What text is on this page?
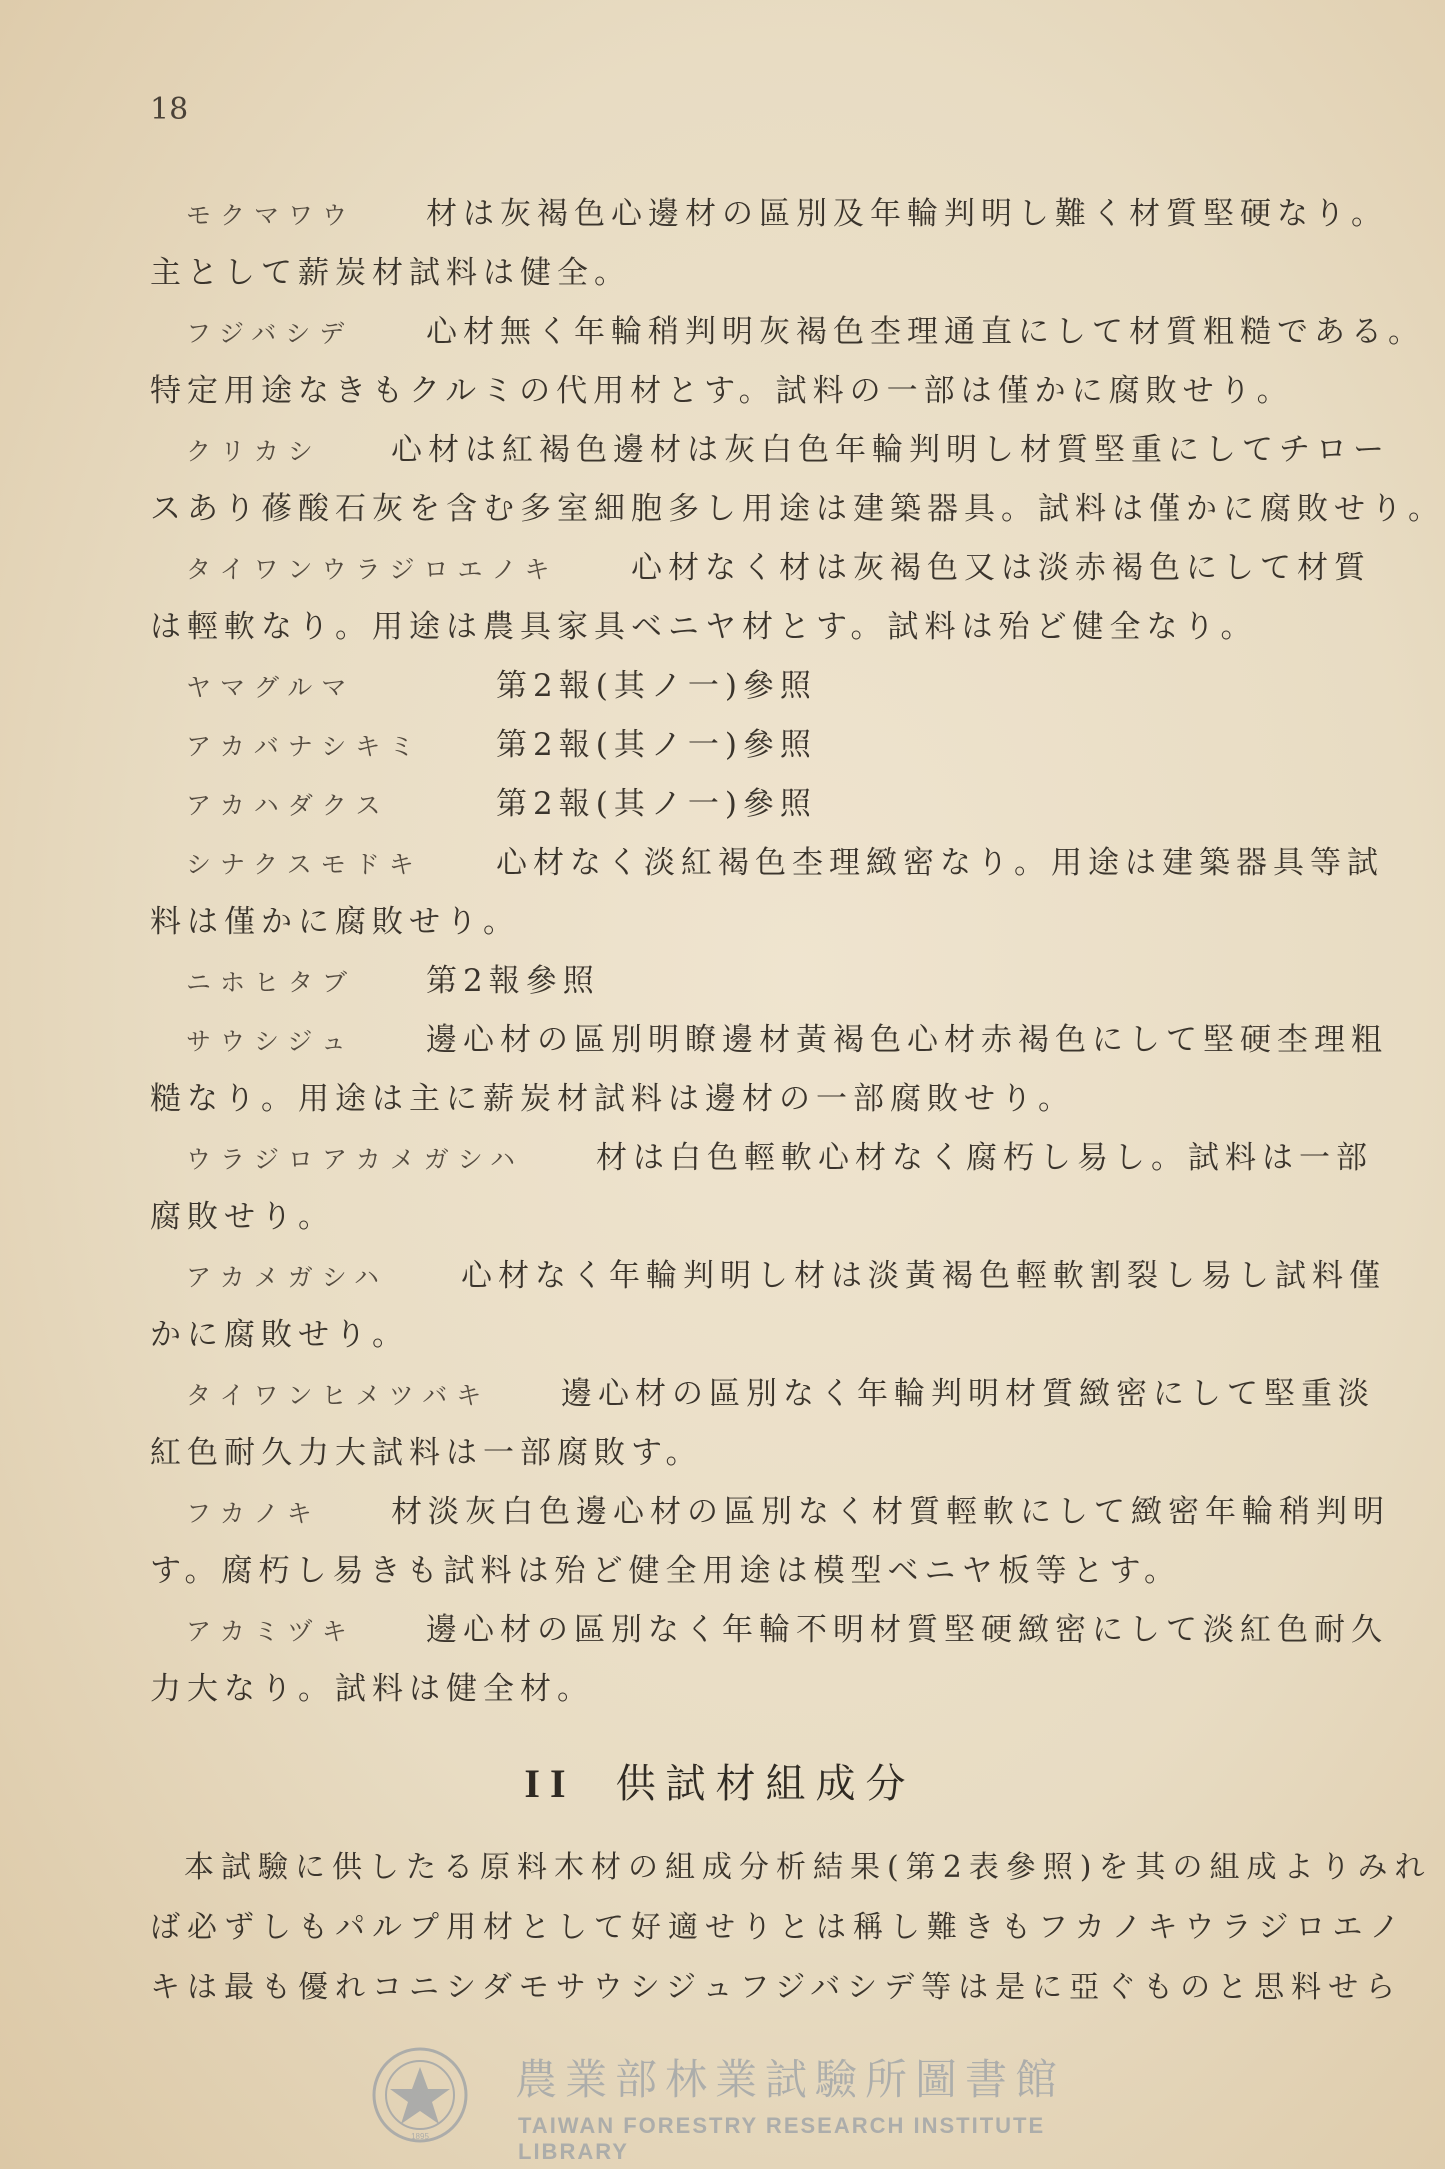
18
モクマワウ 材は灰褐色心邊材の區別及年輪判明し難く材質堅硬なり。
主として薪炭材試料は健全。
フジバシデ 心材無く年輪稍判明灰褐色杢理通直にして材質粗糙である。
特定用途なきもクルミの代用材とす。試料の一部は僅かに腐敗せり。
クリカシ 心材は紅褐色邊材は灰白色年輪判明し材質堅重にしてチロー
スあり蓚酸石灰を含む多室細胞多し用途は建築器具。試料は僅かに腐敗せり。
タイワンウラジロエノキ 心材なく材は灰褐色又は淡赤褐色にして材質
は輕軟なり。用途は農具家具ベニヤ材とす。試料は殆ど健全なり。
ヤマグルマ	第2報(其ノ一)參照
アカバナシキミ 第2報(其ノ一)參照
アカハダクス	第2報(其ノ一)參照
シナクスモドキ 心材なく淡紅褐色杢理緻密なり。用途は建築器具等試
料は僅かに腐敗せり。
ニホヒタブ 第2報參照
サウシジュ 邊心材の區別明瞭邊材黃褐色心材赤褐色にして堅硬杢理粗
糙なり。用途は主に薪炭材試料は邊材の一部腐敗せり。
ウラジロアカメガシハ 材は白色輕軟心材なく腐朽し易し。試料は一部
腐敗せり。
アカメガシハ 心材なく年輪判明し材は淡黃褐色輕軟割裂し易し試料僅
かに腐敗せり。
タイワンヒメツバキ 邊心材の區別なく年輪判明材質緻密にして堅重淡
紅色耐久力大試料は一部腐敗す。
フカノキ 材淡灰白色邊心材の區別なく材質輕軟にして緻密年輪稍判明
す。腐朽し易きも試料は殆ど健全用途は模型ベニヤ板等とす。
アカミヅキ 邊心材の區別なく年輪不明材質堅硬緻密にして淡紅色耐久
力大なり。試料は健全材。
II 供試材組成分
本試驗に供したる原料木材の組成分析結果(第2表參照)を其の組成よりみれ
ば必ずしもパルプ用材として好適せりとは稱し難きもフカノキウラジロエノ
キは最も優れコニシダモサウシジュフジバシデ等は是に亞ぐものと思料せら
1895
農業部林業試驗所圖書館
TAIWAN FORESTRY RESEARCH INSTITUTE LIBRARY
